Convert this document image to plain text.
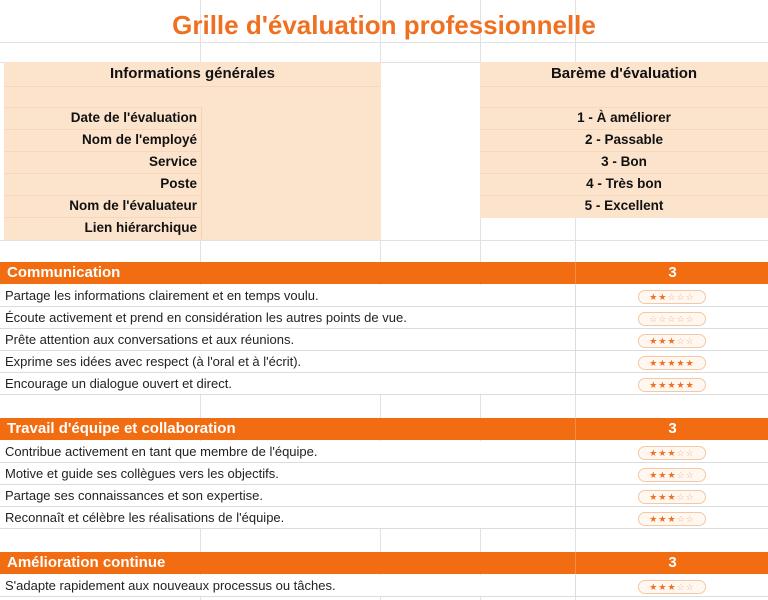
Grille d'évaluation professionnelle
Informations générales
Date de l'évaluation
Nom de l'employé
Service
Poste
Nom de l'évaluateur
Lien hiérarchique
Barème d'évaluation
1 - À améliorer
2 - Passable
3 - Bon
4 - Très bon
5 - Excellent
Communication	3
Partage les informations clairement et en temps voulu.	★★☆☆☆
Écoute activement et prend en considération les autres points de vue.	☆☆☆☆☆
Prête attention aux conversations et aux réunions.	★★★☆☆
Exprime ses idées avec respect (à l'oral et à l'écrit).	★★★★★
Encourage un dialogue ouvert et direct.	★★★★★
Travail d'équipe et collaboration	3
Contribue activement en tant que membre de l'équipe.	★★★☆☆
Motive et guide ses collègues vers les objectifs.	★★★☆☆
Partage ses connaissances et son expertise.	★★★☆☆
Reconnaît et célèbre les réalisations de l'équipe.	★★★☆☆
Amélioration continue	3
S'adapte rapidement aux nouveaux processus ou tâches.	★★★☆☆
